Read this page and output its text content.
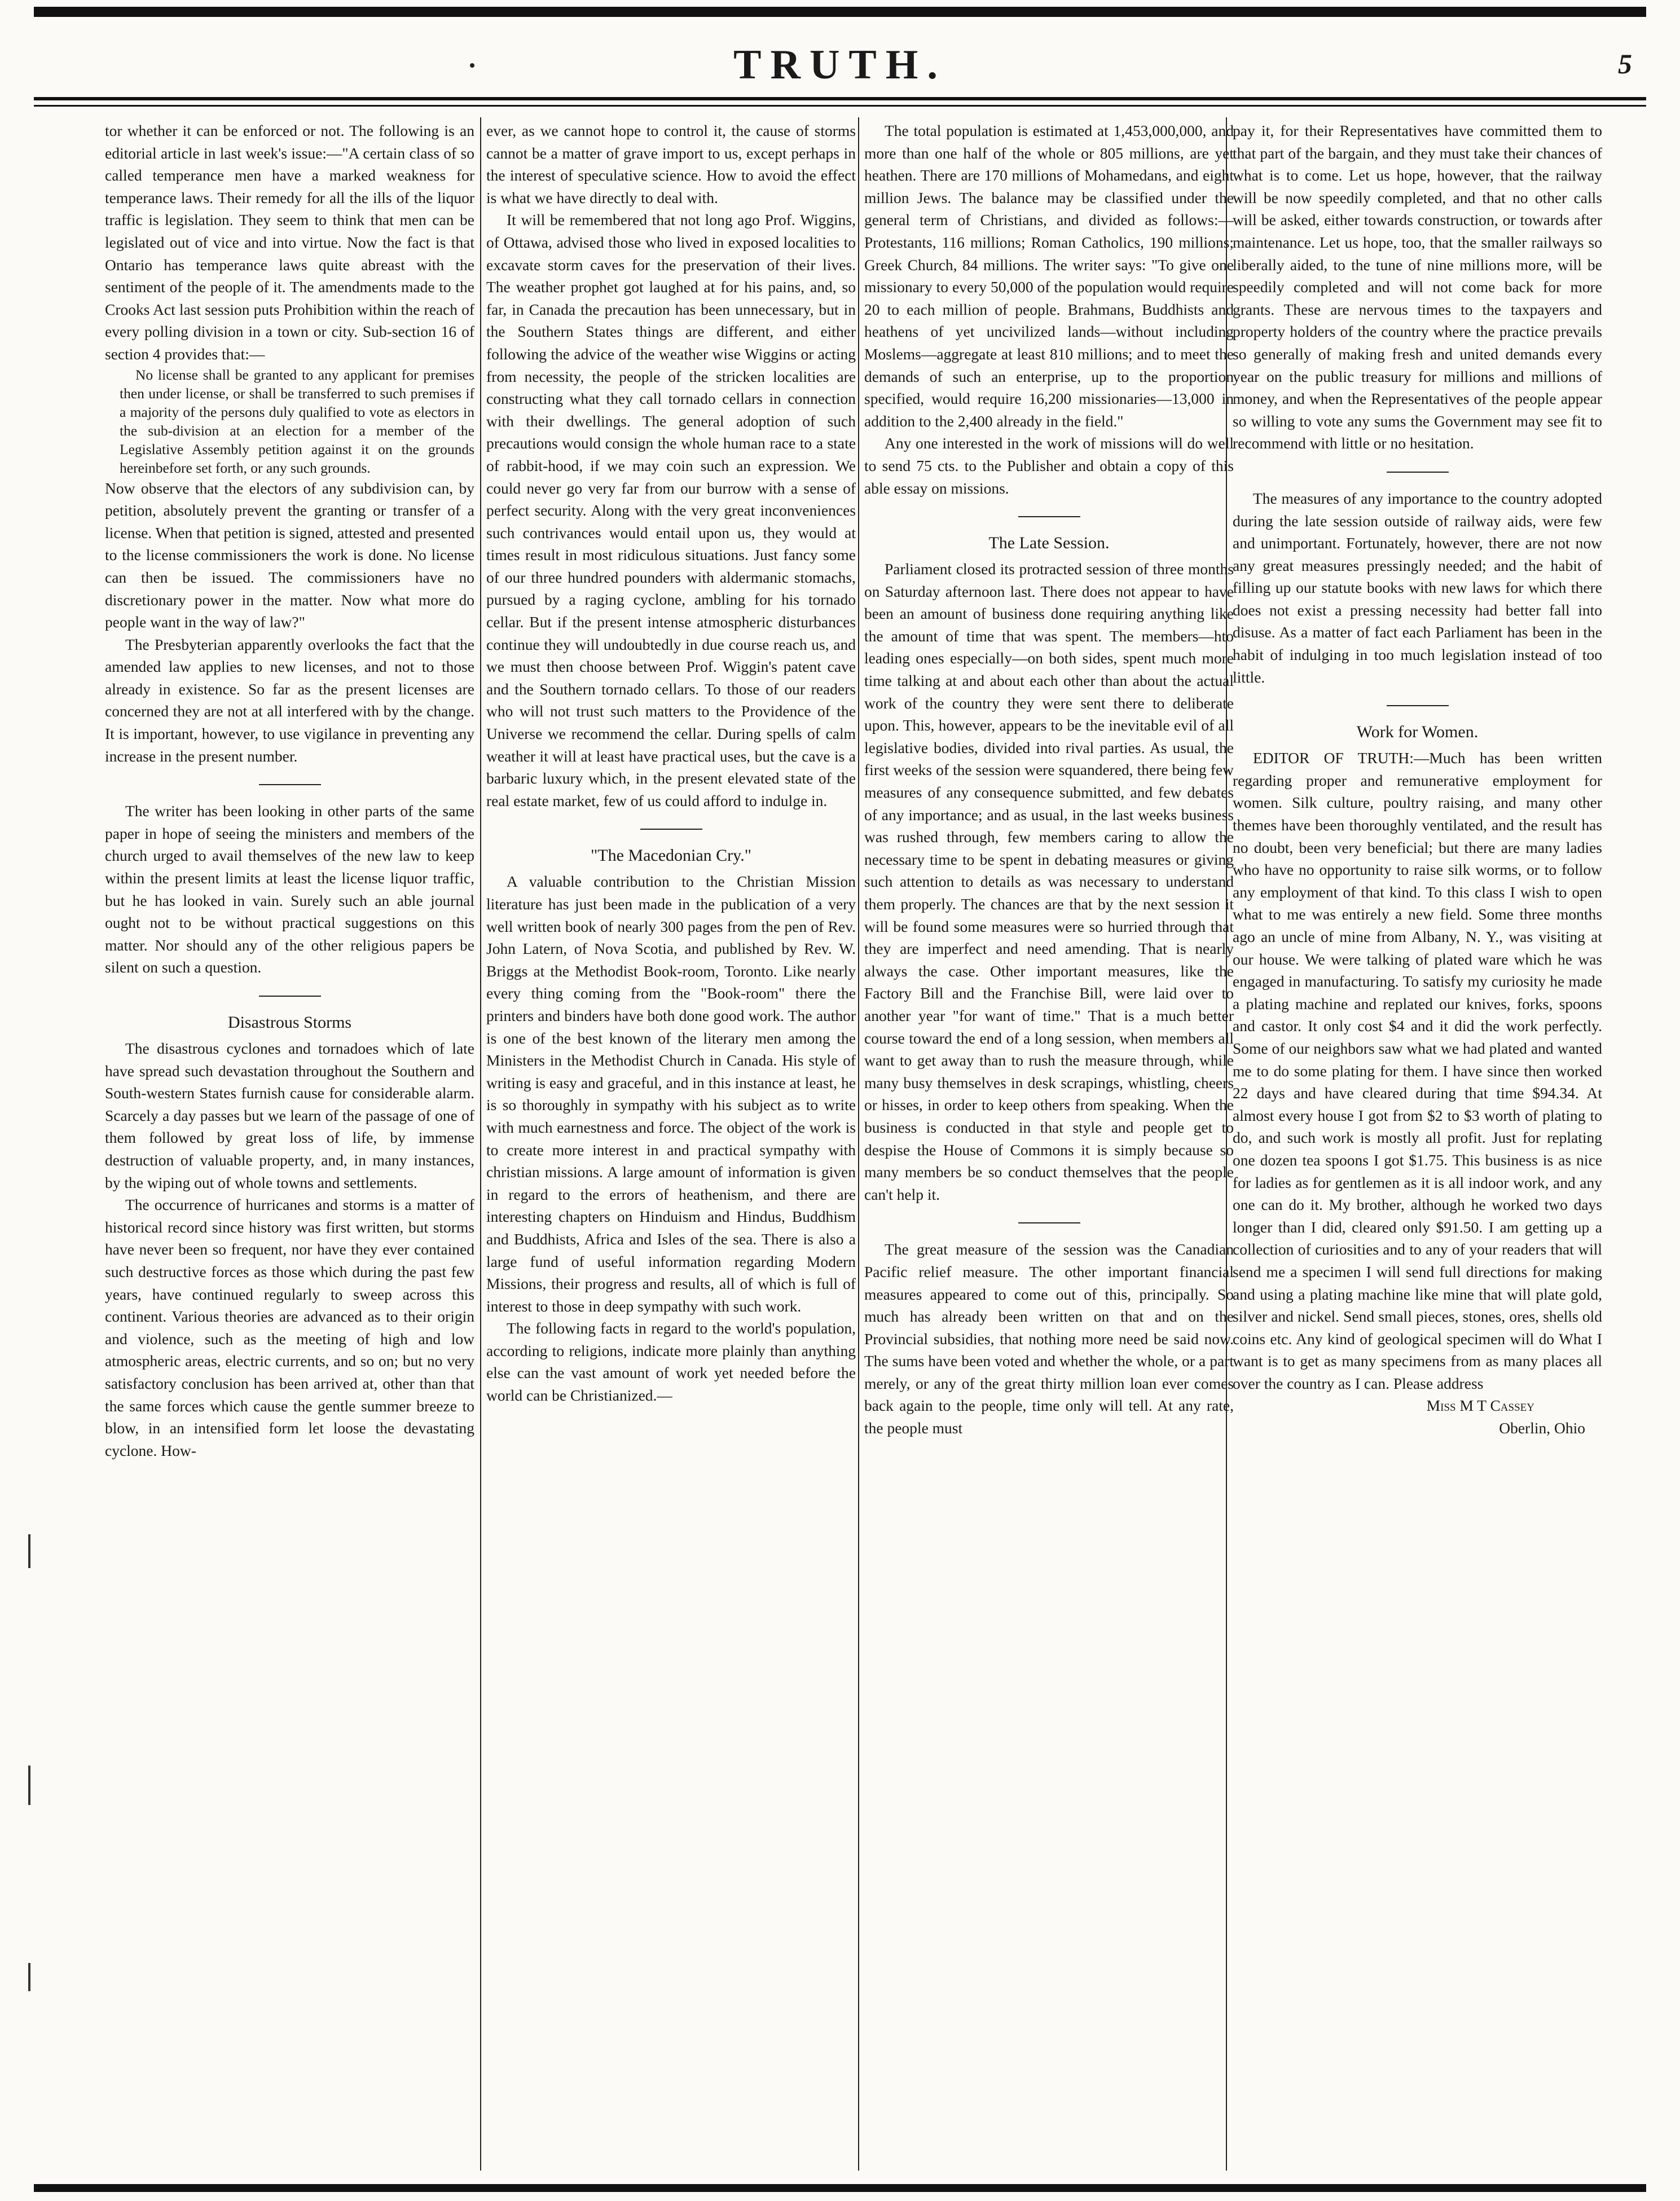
TRUTH.	5

tor whether it can be enforced or not. The following is an editorial article in last week's issue:—"A certain class of so called temperance men have a marked weakness for temperance laws. Their remedy for all the ills of the liquor traffic is legislation. They seem to think that men can be legislated out of vice and into virtue. Now the fact is that Ontario has temperance laws quite abreast with the sentiment of the people of it. The amendments made to the Crooks Act last session puts Prohibition within the reach of every polling division in a town or city. Sub-section 16 of section 4 provides that:—

No license shall be granted to any applicant for premises then under license, or shall be transferred to such premises if a majority of the persons duly qualified to vote as electors in the sub-division at an election for a member of the Legislative Assembly petition against it on the grounds hereinbefore set forth, or any such grounds.

Now observe that the electors of any subdivision can, by petition, absolutely prevent the granting or transfer of a license. When that petition is signed, attested and presented to the license commissioners the work is done. No license can then be issued. The commissioners have no discretionary power in the matter. Now what more do people want in the way of law?"

The Presbyterian apparently overlooks the fact that the amended law applies to new licenses, and not to those already in existence. So far as the present licenses are concerned they are not at all interfered with by the change. It is important, however, to use vigilance in preventing any increase in the present number.

The writer has been looking in other parts of the same paper in hope of seeing the ministers and members of the church urged to avail themselves of the new law to keep within the present limits at least the license liquor traffic, but he has looked in vain. Surely such an able journal ought not to be without practical suggestions on this matter. Nor should any of the other religious papers be silent on such a question.

Disastrous Storms

The disastrous cyclones and tornadoes which of late have spread such devastation throughout the Southern and South-western States furnish cause for considerable alarm. Scarcely a day passes but we learn of the passage of one of them followed by great loss of life, by immense destruction of valuable property, and, in many instances, by the wiping out of whole towns and settlements.

The occurrence of hurricanes and storms is a matter of historical record since history was first written, but storms have never been so frequent, nor have they ever contained such destructive forces as those which during the past few years, have continued regularly to sweep across this continent. Various theories are advanced as to their origin and violence, such as the meeting of high and low atmospheric areas, electric currents, and so on; but no very satisfactory conclusion has been arrived at, other than that the same forces which cause the gentle summer breeze to blow, in an intensified form let loose the devastating cyclone. How-

ever, as we cannot hope to control it, the cause of storms cannot be a matter of grave import to us, except perhaps in the interest of speculative science. How to avoid the effect is what we have directly to deal with.

It will be remembered that not long ago Prof. Wiggins, of Ottawa, advised those who lived in exposed localities to excavate storm caves for the preservation of their lives. The weather prophet got laughed at for his pains, and, so far, in Canada the precaution has been unnecessary, but in the Southern States things are different, and either following the advice of the weather wise Wiggins or acting from necessity, the people of the stricken localities are constructing what they call tornado cellars in connection with their dwellings. The general adoption of such precautions would consign the whole human race to a state of rabbit-hood, if we may coin such an expression. We could never go very far from our burrow with a sense of perfect security. Along with the very great inconveniences such contrivances would entail upon us, they would at times result in most ridiculous situations. Just fancy some of our three hundred pounders with aldermanic stomachs, pursued by a raging cyclone, ambling for his tornado cellar. But if the present intense atmospheric disturbances continue they will undoubtedly in due course reach us, and we must then choose between Prof. Wiggin's patent cave and the Southern tornado cellars. To those of our readers who will not trust such matters to the Providence of the Universe we recommend the cellar. During spells of calm weather it will at least have practical uses, but the cave is a barbaric luxury which, in the present elevated state of the real estate market, few of us could afford to indulge in.

"The Macedonian Cry."

A valuable contribution to the Christian Mission literature has just been made in the publication of a very well written book of nearly 300 pages from the pen of Rev. John Latern, of Nova Scotia, and published by Rev. W. Briggs at the Methodist Book-room, Toronto. Like nearly every thing coming from the "Book-room" there the printers and binders have both done good work. The author is one of the best known of the literary men among the Ministers in the Methodist Church in Canada. His style of writing is easy and graceful, and in this instance at least, he is so thoroughly in sympathy with his subject as to write with much earnestness and force. The object of the work is to create more interest in and practical sympathy with christian missions. A large amount of information is given in regard to the errors of heathenism, and there are interesting chapters on Hinduism and Hindus, Buddhism and Buddhists, Africa and Isles of the sea. There is also a large fund of useful information regarding Modern Missions, their progress and results, all of which is full of interest to those in deep sympathy with such work.

The following facts in regard to the world's population, according to religions, indicate more plainly than anything else can the vast amount of work yet needed before the world can be Christianized.—

The total population is estimated at 1,453,000,000, and more than one half of the whole or 805 millions, are yet heathen. There are 170 millions of Mohamedans, and eight million Jews. The balance may be classified under the general term of Christians, and divided as follows:—Protestants, 116 millions; Roman Catholics, 190 millions; Greek Church, 84 millions. The writer says: "To give one missionary to every 50,000 of the population would require 20 to each million of people. Brahmans, Buddhists and heathens of yet uncivilized lands—without including Moslems—aggregate at least 810 millions; and to meet the demands of such an enterprise, up to the proportion specified, would require 16,200 missionaries—13,000 in addition to the 2,400 already in the field."

Any one interested in the work of missions will do well to send 75 cts. to the Publisher and obtain a copy of this able essay on missions.

The Late Session.

Parliament closed its protracted session of three months on Saturday afternoon last. There does not appear to have been an amount of business done requiring anything like the amount of time that was spent. The members—hto leading ones especially—on both sides, spent much more time talking at and about each other than about the actual work of the country they were sent there to deliberate upon. This, however, appears to be the inevitable evil of all legislative bodies, divided into rival parties. As usual, the first weeks of the session were squandered, there being few measures of any consequence submitted, and few debates of any importance; and as usual, in the last weeks business was rushed through, few members caring to allow the necessary time to be spent in debating measures or giving such attention to details as was necessary to understand them properly. The chances are that by the next session it will be found some measures were so hurried through that they are imperfect and need amending. That is nearly always the case. Other important measures, like the Factory Bill and the Franchise Bill, were laid over to another year "for want of time." That is a much better course toward the end of a long session, when members all want to get away than to rush the measure through, while many busy themselves in desk scrapings, whistling, cheers or hisses, in order to keep others from speaking. When the business is conducted in that style and people get to despise the House of Commons it is simply because so many members be so conduct themselves that the people can't help it.

The great measure of the session was the Canadian Pacific relief measure. The other important financial measures appeared to come out of this, principally. So much has already been written on that and on the Provincial subsidies, that nothing more need be said now. The sums have been voted and whether the whole, or a part merely, or any of the great thirty million loan ever comes back again to the people, time only will tell. At any rate, the people must

pay it, for their Representatives have committed them to that part of the bargain, and they must take their chances of what is to come. Let us hope, however, that the railway will be now speedily completed, and that no other calls will be asked, either towards construction, or towards after maintenance. Let us hope, too, that the smaller railways so liberally aided, to the tune of nine millions more, will be speedily completed and will not come back for more grants. These are nervous times to the taxpayers and property holders of the country where the practice prevails so generally of making fresh and united demands every year on the public treasury for millions and millions of money, and when the Representatives of the people appear so willing to vote any sums the Government may see fit to recommend with little or no hesitation.

The measures of any importance to the country adopted during the late session outside of railway aids, were few and unimportant. Fortunately, however, there are not now any great measures pressingly needed; and the habit of filling up our statute books with new laws for which there does not exist a pressing necessity had better fall into disuse. As a matter of fact each Parliament has been in the habit of indulging in too much legislation instead of too little.

Work for Women.

EDITOR OF TRUTH:—Much has been written regarding proper and remunerative employment for women. Silk culture, poultry raising, and many other themes have been thoroughly ventilated, and the result has no doubt, been very beneficial; but there are many ladies who have no opportunity to raise silk worms, or to follow any employment of that kind. To this class I wish to open what to me was entirely a new field. Some three months ago an uncle of mine from Albany, N. Y., was visiting at our house. We were talking of plated ware which he was engaged in manufacturing. To satisfy my curiosity he made a plating machine and replated our knives, forks, spoons and castor. It only cost $4 and it did the work perfectly. Some of our neighbors saw what we had plated and wanted me to do some plating for them. I have since then worked 22 days and have cleared during that time $94.34. At almost every house I got from $2 to $3 worth of plating to do, and such work is mostly all profit. Just for replating one dozen tea spoons I got $1.75. This business is as nice for ladies as for gentlemen as it is all indoor work, and any one can do it. My brother, although he worked two days longer than I did, cleared only $91.50. I am getting up a collection of curiosities and to any of your readers that will send me a specimen I will send full directions for making and using a plating machine like mine that will plate gold, silver and nickel. Send small pieces, stones, ores, shells old coins etc. Any kind of geological specimen will do What I want is to get as many specimens from as many places all over the country as I can. Please address

Miss M T Cassey

Oberlin, Ohio
